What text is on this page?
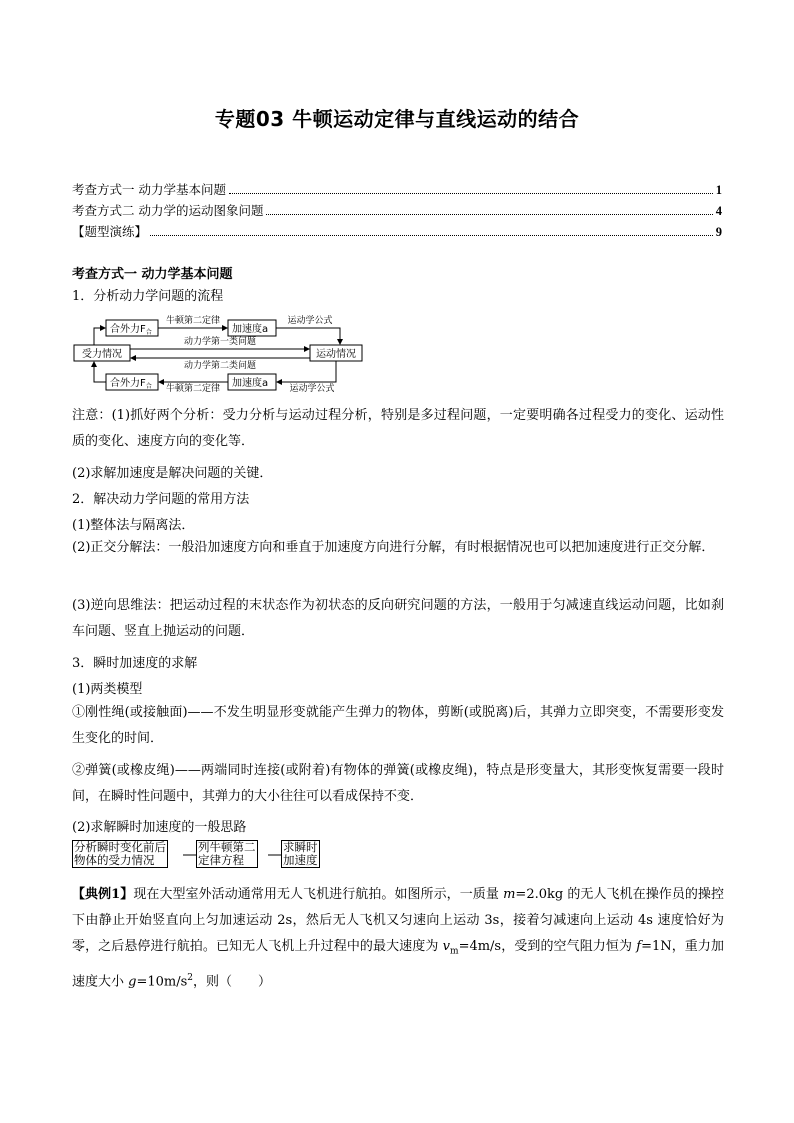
专题03 牛顿运动定律与直线运动的结合
考查方式一 动力学基本问题	1
考查方式二 动力学的运动图象问题	4
【题型演练】	9
考查方式一 动力学基本问题
1．分析动力学问题的流程
受力情况	运动情况
合外力$F_合$	加速度a
合外力$F_合$	加速度a
牛顿第二定律	运动学公式
动力学第一类问题
动力学第二类问题
牛顿第二定律	运动学公式
注意：(1)抓好两个分析：受力分析与运动过程分析，特别是多过程问题，一定要明确各过程受力的变化、运动性质的变化、速度方向的变化等．
(2)求解加速度是解决问题的关键．
2．解决动力学问题的常用方法
(1)整体法与隔离法．
(2)正交分解法：一般沿加速度方向和垂直于加速度方向进行分解，有时根据情况也可以把加速度进行正交分解．
(3)逆向思维法：把运动过程的末状态作为初状态的反向研究问题的方法，一般用于匀减速直线运动问题，比如刹车问题、竖直上抛运动的问题．
3．瞬时加速度的求解
(1)两类模型
①刚性绳(或接触面)——不发生明显形变就能产生弹力的物体，剪断(或脱离)后，其弹力立即突变，不需要形变发生变化的时间．
②弹簧(或橡皮绳)——两端同时连接(或附着)有物体的弹簧(或橡皮绳)，特点是形变量大，其形变恢复需要一段时间，在瞬时性问题中，其弹力的大小往往可以看成保持不变．
(2)求解瞬时加速度的一般思路
分析瞬时变化前后
物体的受力情况
列牛顿第二
定律方程
求瞬时
加速度
【典例1】现在大型室外活动通常用无人飞机进行航拍。如图所示，一质量 m=2.0kg 的无人飞机在操作员的操控下由静止开始竖直向上匀加速运动 2s，然后无人飞机又匀速向上运动 3s，接着匀减速向上运动 4s 速度恰好为零，之后悬停进行航拍。已知无人飞机上升过程中的最大速度为 $v_m=4m/s$，受到的空气阻力恒为 f=1N，重力加速度大小 $g=10m/s^2$，则（　　）
